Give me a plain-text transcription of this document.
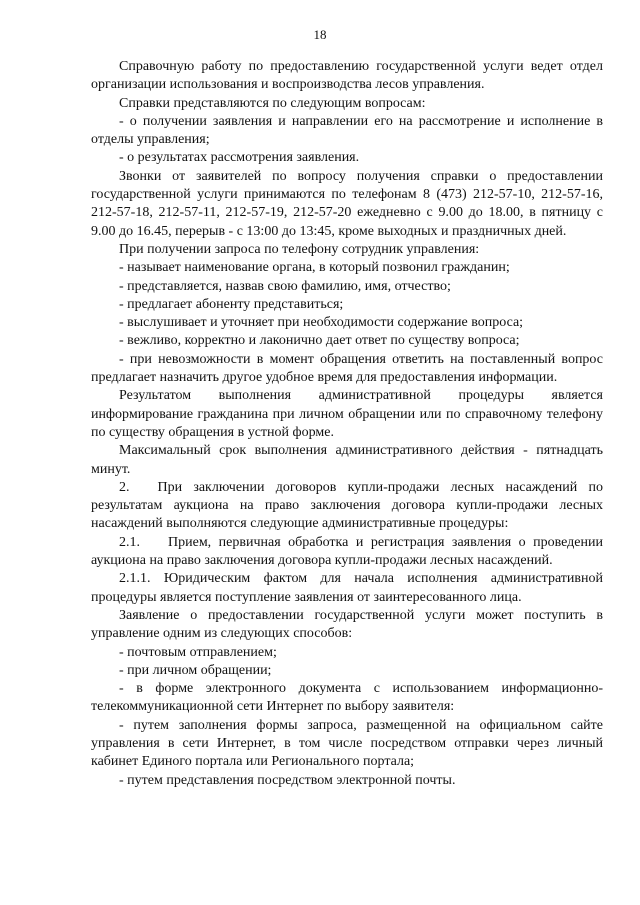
18

Справочную работу по предоставлению государственной услуги ведет отдел организации использования и воспроизводства лесов управления.

Справки представляются по следующим вопросам:

- о получении заявления и направлении его на рассмотрение и исполнение в отделы управления;

- о результатах рассмотрения заявления.

Звонки от заявителей по вопросу получения справки о предоставлении государственной услуги принимаются по телефонам 8 (473) 212-57-10, 212-57-16, 212-57-18, 212-57-11, 212-57-19, 212-57-20 ежедневно с 9.00 до 18.00, в пятницу с 9.00 до 16.45, перерыв - с 13:00 до 13:45, кроме выходных и праздничных дней.

При получении запроса по телефону сотрудник управления:

- называет наименование органа, в который позвонил гражданин;

- представляется, назвав свою фамилию, имя, отчество;

- предлагает абоненту представиться;

- выслушивает и уточняет при необходимости содержание вопроса;

- вежливо, корректно и лаконично дает ответ по существу вопроса;

- при невозможности в момент обращения ответить на поставленный вопрос предлагает назначить другое удобное время для предоставления информации.

Результатом выполнения административной процедуры является информирование гражданина при личном обращении или по справочному телефону по существу обращения в устной форме.

Максимальный срок выполнения административного действия - пятнадцать минут.

2.  При заключении договоров купли-продажи лесных насаждений по результатам аукциона на право заключения договора купли-продажи лесных насаждений выполняются следующие административные процедуры:

2.1.  Прием, первичная обработка и регистрация заявления о проведении аукциона на право заключения договора купли-продажи лесных насаждений.

2.1.1. Юридическим фактом для начала исполнения административной процедуры является поступление заявления от заинтересованного лица.

Заявление о предоставлении государственной услуги может поступить в управление одним из следующих способов:

- почтовым отправлением;

- при личном обращении;

- в форме электронного документа с использованием информационно-телекоммуникационной сети Интернет по выбору заявителя:

- путем заполнения формы запроса, размещенной на официальном сайте управления в сети Интернет, в том числе посредством отправки через личный кабинет Единого портала или Регионального портала;

- путем представления посредством электронной почты.
